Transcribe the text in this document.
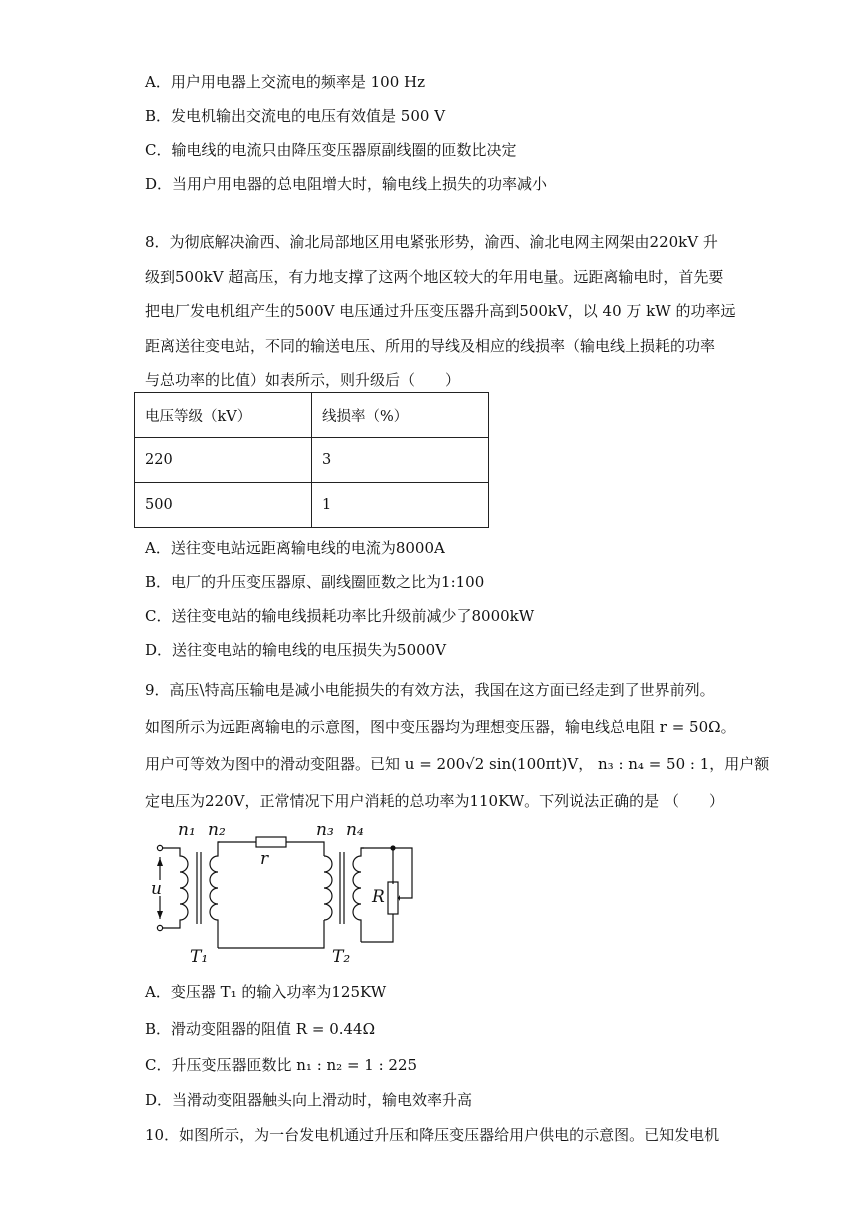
A．用户用电器上交流电的频率是 100 Hz
B．发电机输出交流电的电压有效值是 500 V
C．输电线的电流只由降压变压器原副线圈的匝数比决定
D．当用户用电器的总电阻增大时，输电线上损失的功率减小
8．为彻底解决渝西、渝北局部地区用电紧张形势，渝西、渝北电网主网架由220kV 升
级到500kV 超高压，有力地支撑了这两个地区较大的年用电量。远距离输电时，首先要
把电厂发电机组产生的500V 电压通过升压变压器升高到500kV，以 40 万 kW 的功率远
距离送往变电站，不同的输送电压、所用的导线及相应的线损率（输电线上损耗的功率
与总功率的比值）如表所示，则升级后（　　）
电压等级（kV）	线损率（%）
220	3
500	1
A．送往变电站远距离输电线的电流为8000A
B．电厂的升压变压器原、副线圈匝数之比为1:100
C．送往变电站的输电线损耗功率比升级前减少了8000kW
D．送往变电站的输电线的电压损失为5000V
9．高压\特高压输电是减小电能损失的有效方法，我国在这方面已经走到了世界前列。
如图所示为远距离输电的示意图，图中变压器均为理想变压器，输电线总电阻 r = 50Ω。
用户可等效为图中的滑动变阻器。已知 u = 200√2 sin(100πt)V， n₃ : n₄ = 50 : 1，用户额
定电压为220V，正常情况下用户消耗的总功率为110KW。下列说法正确的是 （　　）
n₁ n₂
r
n₃ n₄
u	R
T₁	T₂
A．变压器 T₁ 的输入功率为125KW
B．滑动变阻器的阻值 R = 0.44Ω
C．升压变压器匝数比 n₁ : n₂ = 1 : 225
D．当滑动变阻器触头向上滑动时，输电效率升高
10．如图所示，为一台发电机通过升压和降压变压器给用户供电的示意图。已知发电机
